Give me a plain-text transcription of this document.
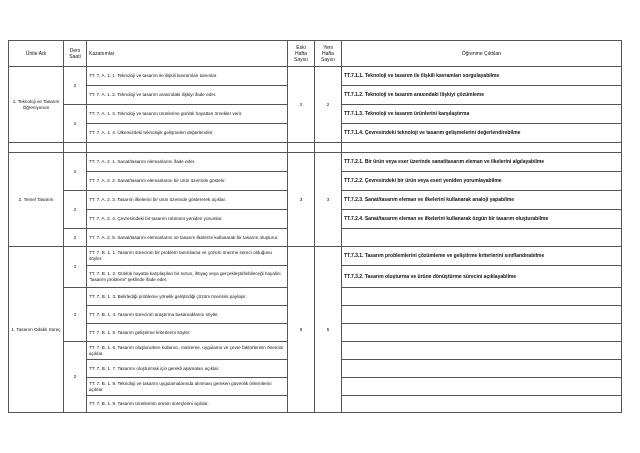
Ünite Adı	Ders Saati	Kazanımlar	Eski Hafta Sayısı	Yeni Hafta Sayısı	Öğrenme Çıktıları
1. Teknoloji ve Tasarım Öğreniyorum	2	TT. 7. A. 1. 1. Teknoloji ve tasarım ile ilişkili kavramları tanımlar.	2	2	TT.7.1.1. Teknoloji ve tasarım ile ilişkili kavramları sorgulayabilme
		TT. 7. A. 1. 2. Teknoloji ve tasarım arasındaki ilişkiyi ifade eder.			TT.7.1.2. Teknoloji ve tasarım arasındaki ilişkiyi çözümleme
	2	TT. 7. A. 1. 3. Teknoloji ve tasarım ürünlerine günlük hayattan örnekler verir.			TT.7.1.3. Teknoloji ve tasarım ürünlerini karşılaştırma
		TT. 7. A. 1. 4. Ülkemizdeki teknolojik gelişmeleri değerlendirir.			TT.7.1.4. Çevresindeki teknoloji ve tasarım gelişmelerini değerlendirebilme

2. Temel Tasarım	2	TT. 7. A. 2. 1. Sanat/tasarım elemanlarını ifade eder.	3	3	TT.7.2.1. Bir ürün veya eser üzerinde sanat/tasarım eleman ve ilkelerini algılayabilme
		TT. 7. A. 2. 2. Sanat/tasarım elemanlarını bir ürün üzerinde gösterir.			TT.7.2.2. Çevresindeki bir ürün veya eseri yeniden yorumlayabilme
	2	TT. 7. A. 2. 3. Tasarım ilkelerini bir ürün üzerinde göstererek açıklar.			TT.7.2.3. Sanat/tasarım eleman ve ilkelerini kullanarak analoji yapabilme
		TT. 7. A. 2. 4. Çevresindeki bir tasarım ürününü yeniden yorumlar.			TT.7.2.4. Sanat/tasarım eleman ve ilkelerini kullanarak özgün bir tasarım oluşturabilme
	2	TT. 7. A. 2. 5. Sanat/tasarım elemanlarını ve tasarım ilkelerini kullanarak bir tasarım oluşturur.			
1. Tasarım Odaklı Süreç	2	TT. 7. B. 1. 1. Tasarım sürecinin bir problem tanımlama ve çözüm önerme süreci olduğunu söyler.	5	5	TT.7.3.1. Tasarım problemlerini çözümleme ve geliştirme kriterlerini sınıflandırabilme
		TT. 7. B. 1. 2. Günlük hayatta karşılaşılan bir sorun, ihtiyaç veya gerçekleştirilebileceği hayalini "tasarım problemi" şeklinde ifade eder.			TT.7.3.2. Tasarım oluşturma ve ürüne dönüştürme sürecini açıklayabilme
	2	TT. 7. B. 1. 3. Belirlediği probleme yönelik geliştirdiği çözüm önerisini paylaşır.			
		TT. 7. B. 1. 4. Tasarım sürecinin araştırma basamaklarını söyler.			
		TT. 7. B. 1. 5. Tasarım geliştirme kriterlerini söyler.			
	2	TT. 7. B. 1. 6. Tasarım oluştururken kullanıcı, malzeme, uygulama ve çevre faktörlerinin önemini açıklar.			
		TT. 7. B. 1. 7. Tasarımı oluşturmak için gerekli aşamaları açıklar.			
		TT. 7. B. 1. 8. Teknoloji ve tasarım uygulamalarında alınması gereken güvenlik önlemlerini açıklar.			
		TT. 7. B. 1. 9. Tasarım ürünlerinin üretim süreçlerini açıklar.			
